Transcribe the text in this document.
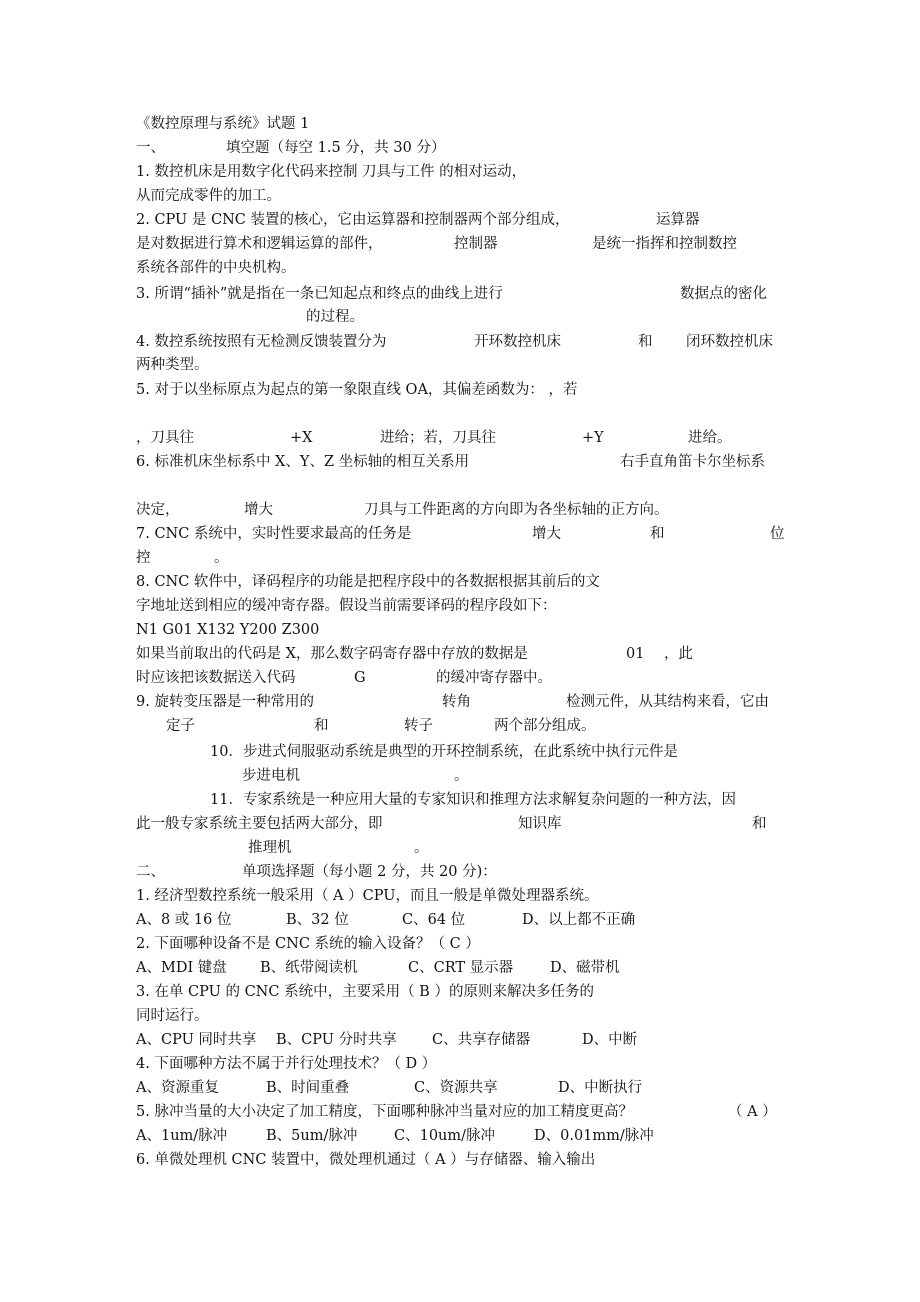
《数控原理与系统》试题 1
一、	填空题（每空 1.5 分，共 30 分）
1. 数控机床是用数字化代码来控制 刀具与工件 的相对运动，
从而完成零件的加工。
2. CPU 是 CNC 装置的核心，它由运算器和控制器两个部分组成，	运算器
是对数据进行算术和逻辑运算的部件，	控制器	是统一指挥和控制数控
系统各部件的中央机构。
3. 所谓“插补”就是指在一条已知起点和终点的曲线上进行	数据点的密化
的过程。
4. 数控系统按照有无检测反馈装置分为	开环数控机床	和 闭环数控机床
两种类型。
5. 对于以坐标原点为起点的第一象限直线 OA，其偏差函数为： ，若
，刀具往	+X	进给；若，刀具往	+Y	进给。
6. 标准机床坐标系中 X、Y、Z 坐标轴的相互关系用	右手直角笛卡尔坐标系
决定，	增大	刀具与工件距离的方向即为各坐标轴的正方向。
7. CNC 系统中，实时性要求最高的任务是	增大	和	位
控	。
8. CNC 软件中，译码程序的功能是把程序段中的各数据根据其前后的文
字地址送到相应的缓冲寄存器。假设当前需要译码的程序段如下：
N1 G01 X132 Y200 Z300
如果当前取出的代码是 X，那么数字码寄存器中存放的数据是	01 ，此
时应该把该数据送入代码	G	的缓冲寄存器中。
9. 旋转变压器是一种常用的	转角	检测元件，从其结构来看，它由
定子	和	转子	两个部分组成。
10．步进式伺服驱动系统是典型的开环控制系统，在此系统中执行元件是
步进电机	。
11．专家系统是一种应用大量的专家知识和推理方法求解复杂问题的一种方法，因
此一般专家系统主要包括两大部分，即	知识库	和
推理机	。
二、	单项选择题（每小题 2 分，共 20 分)：
1. 经济型数控系统一般采用（ A ）CPU，而且一般是单微处理器系统。
A、8 或 16 位	B、32 位	C、64 位	D、以上都不正确
2. 下面哪种设备不是 CNC 系统的输入设备？（ C ）
A、MDI 键盘 B、纸带阅读机	C、CRT 显示器	D、磁带机
3. 在单 CPU 的 CNC 系统中，主要采用（ B ）的原则来解决多任务的
同时运行。
A、CPU 同时共享 B、CPU 分时共享 C、共享存储器	D、中断
4. 下面哪种方法不属于并行处理技术？（ D ）
A、资源重复	B、时间重叠	C、资源共享	D、中断执行
5. 脉冲当量的大小决定了加工精度，下面哪种脉冲当量对应的加工精度更高？	（ A ）
A、1um/脉冲	B、5um/脉冲	C、10um/脉冲	D、0.01mm/脉冲
6. 单微处理机 CNC 装置中，微处理机通过（ A ）与存储器、输入输出
